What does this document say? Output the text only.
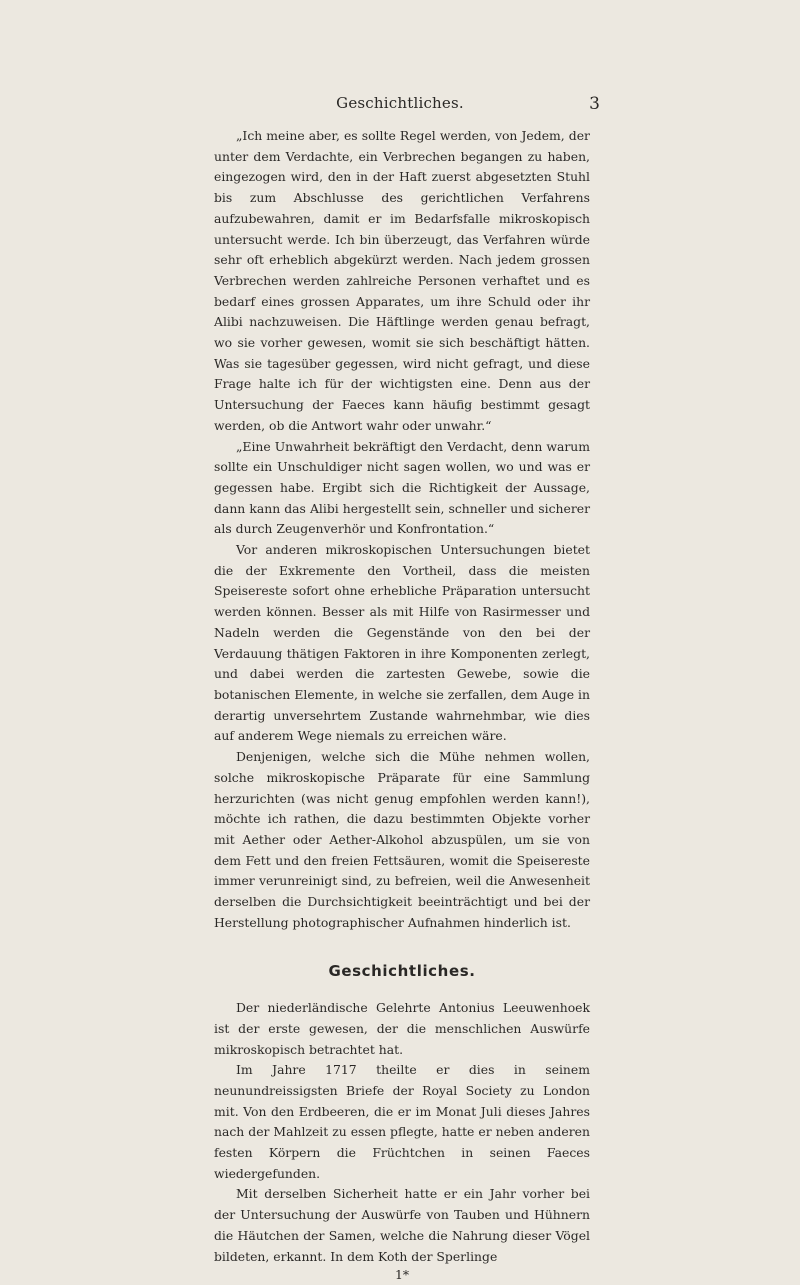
Geschichtliches.	3

„Ich meine aber, es sollte Regel werden, von Jedem, der unter dem Verdachte, ein Verbrechen begangen zu haben, eingezogen wird, den in der Haft zuerst abgesetzten Stuhl bis zum Abschlusse des gerichtlichen Verfahrens aufzubewahren, damit er im Bedarfsfalle mikroskopisch untersucht werde. Ich bin überzeugt, das Verfahren würde sehr oft erheblich abgekürzt werden. Nach jedem grossen Verbrechen werden zahlreiche Personen verhaftet und es bedarf eines grossen Apparates, um ihre Schuld oder ihr Alibi nachzuweisen. Die Häftlinge werden genau befragt, wo sie vorher gewesen, womit sie sich beschäftigt hätten. Was sie tagesüber gegessen, wird nicht gefragt, und diese Frage halte ich für der wichtigsten eine. Denn aus der Untersuchung der Faeces kann häufig bestimmt gesagt werden, ob die Antwort wahr oder unwahr.“

„Eine Unwahrheit bekräftigt den Verdacht, denn warum sollte ein Unschuldiger nicht sagen wollen, wo und was er gegessen habe. Ergibt sich die Richtigkeit der Aussage, dann kann das Alibi hergestellt sein, schneller und sicherer als durch Zeugenverhör und Konfrontation.“

Vor anderen mikroskopischen Untersuchungen bietet die der Exkremente den Vortheil, dass die meisten Speisereste sofort ohne erhebliche Präparation untersucht werden können. Besser als mit Hilfe von Rasirmesser und Nadeln werden die Gegenstände von den bei der Verdauung thätigen Faktoren in ihre Komponenten zerlegt, und dabei werden die zartesten Gewebe, sowie die botanischen Elemente, in welche sie zerfallen, dem Auge in derartig unversehrtem Zustande wahrnehmbar, wie dies auf anderem Wege niemals zu erreichen wäre.

Denjenigen, welche sich die Mühe nehmen wollen, solche mikroskopische Präparate für eine Sammlung herzurichten (was nicht genug empfohlen werden kann!), möchte ich rathen, die dazu bestimmten Objekte vorher mit Aether oder Aether-Alkohol abzuspülen, um sie von dem Fett und den freien Fettsäuren, womit die Speisereste immer verunreinigt sind, zu befreien, weil die Anwesenheit derselben die Durchsichtigkeit beeinträchtigt und bei der Herstellung photographischer Aufnahmen hinderlich ist.

Geschichtliches.

Der niederländische Gelehrte Antonius Leeuwenhoek ist der erste gewesen, der die menschlichen Auswürfe mikroskopisch betrachtet hat.

Im Jahre 1717 theilte er dies in seinem neunundreissigsten Briefe der Royal Society zu London mit. Von den Erdbeeren, die er im Monat Juli dieses Jahres nach der Mahlzeit zu essen pflegte, hatte er neben anderen festen Körpern die Früchtchen in seinen Faeces wiedergefunden.

Mit derselben Sicherheit hatte er ein Jahr vorher bei der Untersuchung der Auswürfe von Tauben und Hühnern die Häutchen der Samen, welche die Nahrung dieser Vögel bildeten, erkannt. In dem Koth der Sperlinge

1*
